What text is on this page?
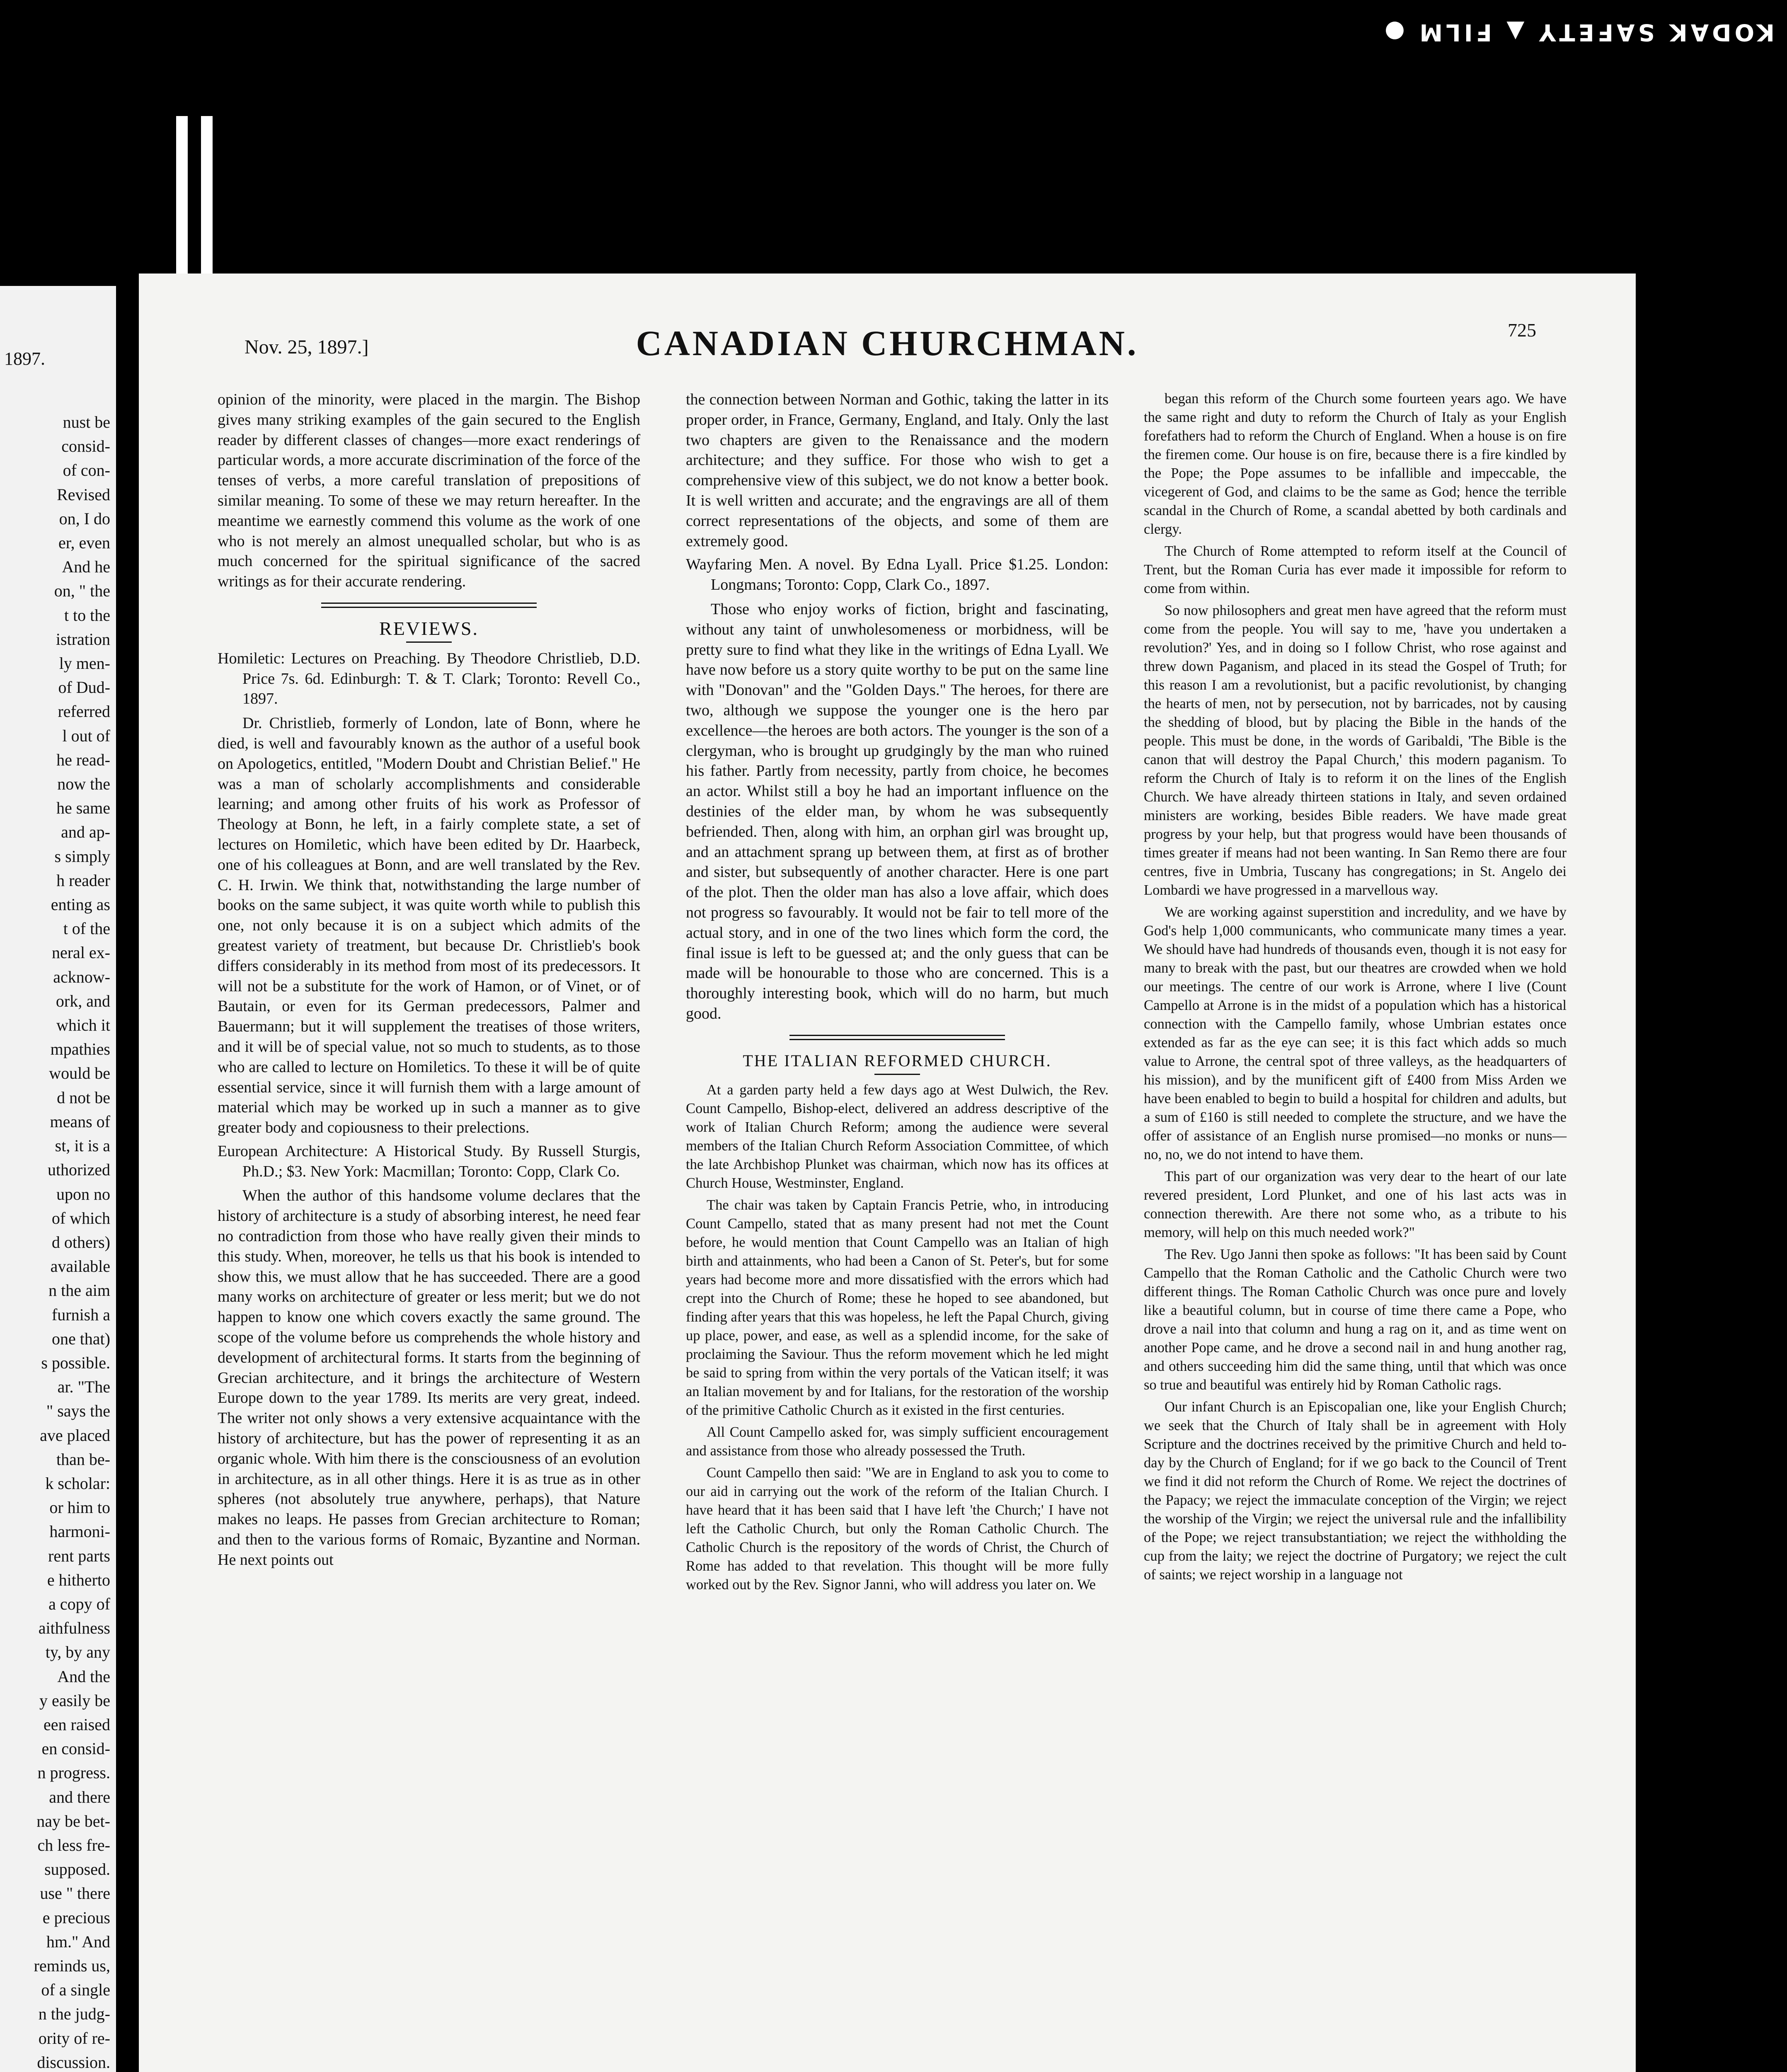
KODAK SAFETY ▲ FILM ●
1897.
nust be
consid-
of con-
Revised
on, I do
er, even
And he
on, " the
t to the
istration
ly men-
of Dud-
referred
l out of
he read-
now the
he same
and ap-
s simply
h reader
enting as
t of the
neral ex-
acknow-
ork, and
which it
mpathies
would be
d not be
means of
st, it is a
uthorized
upon no
of which
d others)
available
n the aim
furnish a
one that)
s possible.
ar. "The
" says the
ave placed
than be-
k scholar:
or him to
harmoni-
rent parts
e hitherto
a copy of
aithfulness
ty, by any
And the
y easily be
een raised
en consid-
n progress.
and there
nay be bet-
ch less fre-
supposed.
use " there
e precious
hm." And
reminds us,
of a single
n the judg-
ority of re-
discussion.
Nov. 25, 1897.]	CANADIAN CHURCHMAN.	725

opinion of the minority, were placed in the margin. The Bishop gives many striking examples of the gain secured to the English reader by different classes of changes—more exact renderings of particular words, a more accurate discrimination of the force of the tenses of verbs, a more careful translation of prepositions of similar meaning. To some of these we may return hereafter. In the meantime we earnestly commend this volume as the work of one who is not merely an almost unequalled scholar, but who is as much concerned for the spiritual significance of the sacred writings as for their accurate rendering.

REVIEWS.
Homiletic: Lectures on Preaching. By Theodore Christlieb, D.D. Price 7s. 6d. Edinburgh: T. & T. Clark; Toronto: Revell Co., 1897.

Dr. Christlieb, formerly of London, late of Bonn, where he died, is well and favourably known as the author of a useful book on Apologetics, entitled, "Modern Doubt and Christian Belief." He was a man of scholarly accomplishments and considerable learning; and among other fruits of his work as Professor of Theology at Bonn, he left, in a fairly complete state, a set of lectures on Homiletic, which have been edited by Dr. Haarbeck, one of his colleagues at Bonn, and are well translated by the Rev. C. H. Irwin. We think that, notwithstanding the large number of books on the same subject, it was quite worth while to publish this one, not only because it is on a subject which admits of the greatest variety of treatment, but because Dr. Christlieb's book differs considerably in its method from most of its predecessors. It will not be a substitute for the work of Hamon, or of Vinet, or of Bautain, or even for its German predecessors, Palmer and Bauermann; but it will supplement the treatises of those writers, and it will be of special value, not so much to students, as to those who are called to lecture on Homiletics. To these it will be of quite essential service, since it will furnish them with a large amount of material which may be worked up in such a manner as to give greater body and copiousness to their prelections.

European Architecture: A Historical Study. By Russell Sturgis, Ph.D.; $3. New York: Macmillan; Toronto: Copp, Clark Co.

When the author of this handsome volume declares that the history of architecture is a study of absorbing interest, he need fear no contradiction from those who have really given their minds to this study. When, moreover, he tells us that his book is intended to show this, we must allow that he has succeeded. There are a good many works on architecture of greater or less merit; but we do not happen to know one which covers exactly the same ground. The scope of the volume before us comprehends the whole history and development of architectural forms. It starts from the beginning of Grecian architecture, and it brings the architecture of Western Europe down to the year 1789. Its merits are very great, indeed. The writer not only shows a very extensive acquaintance with the history of architecture, but has the power of representing it as an organic whole. With him there is the consciousness of an evolution in architecture, as in all other things. Here it is as true as in other spheres (not absolutely true anywhere, perhaps), that Nature makes no leaps. He passes from Grecian architecture to Roman; and then to the various forms of Romaic, Byzantine and Norman. He next points out

the connection between Norman and Gothic, taking the latter in its proper order, in France, Germany, England, and Italy. Only the last two chapters are given to the Renaissance and the modern architecture; and they suffice. For those who wish to get a comprehensive view of this subject, we do not know a better book. It is well written and accurate; and the engravings are all of them correct representations of the objects, and some of them are extremely good.

Wayfaring Men. A novel. By Edna Lyall. Price $1.25. London: Longmans; Toronto: Copp, Clark Co., 1897.

Those who enjoy works of fiction, bright and fascinating, without any taint of unwholesomeness or morbidness, will be pretty sure to find what they like in the writings of Edna Lyall. We have now before us a story quite worthy to be put on the same line with "Donovan" and the "Golden Days." The heroes, for there are two, although we suppose the younger one is the hero par excellence—the heroes are both actors. The younger is the son of a clergyman, who is brought up grudgingly by the man who ruined his father. Partly from necessity, partly from choice, he becomes an actor. Whilst still a boy he had an important influence on the destinies of the elder man, by whom he was subsequently befriended. Then, along with him, an orphan girl was brought up, and an attachment sprang up between them, at first as of brother and sister, but subsequently of another character. Here is one part of the plot. Then the older man has also a love affair, which does not progress so favourably. It would not be fair to tell more of the actual story, and in one of the two lines which form the cord, the final issue is left to be guessed at; and the only guess that can be made will be honourable to those who are concerned. This is a thoroughly interesting book, which will do no harm, but much good.

THE ITALIAN REFORMED CHURCH.

At a garden party held a few days ago at West Dulwich, the Rev. Count Campello, Bishop-elect, delivered an address descriptive of the work of Italian Church Reform; among the audience were several members of the Italian Church Reform Association Committee, of which the late Archbishop Plunket was chairman, which now has its offices at Church House, Westminster, England.

The chair was taken by Captain Francis Petrie, who, in introducing Count Campello, stated that as many present had not met the Count before, he would mention that Count Campello was an Italian of high birth and attainments, who had been a Canon of St. Peter's, but for some years had become more and more dissatisfied with the errors which had crept into the Church of Rome; these he hoped to see abandoned, but finding after years that this was hopeless, he left the Papal Church, giving up place, power, and ease, as well as a splendid income, for the sake of proclaiming the Saviour. Thus the reform movement which he led might be said to spring from within the very portals of the Vatican itself; it was an Italian movement by and for Italians, for the restoration of the worship of the primitive Catholic Church as it existed in the first centuries.

All Count Campello asked for, was simply sufficient encouragement and assistance from those who already possessed the Truth.

Count Campello then said: "We are in England to ask you to come to our aid in carrying out the work of the reform of the Italian Church. I have heard that it has been said that I have left 'the Church;' I have not left the Catholic Church, but only the Roman Catholic Church. The Catholic Church is the repository of the words of Christ, the Church of Rome has added to that revelation. This thought will be more fully worked out by the Rev. Signor Janni, who will address you later on. We

began this reform of the Church some fourteen years ago. We have the same right and duty to reform the Church of Italy as your English forefathers had to reform the Church of England. When a house is on fire the firemen come. Our house is on fire, because there is a fire kindled by the Pope; the Pope assumes to be infallible and impeccable, the vicegerent of God, and claims to be the same as God; hence the terrible scandal in the Church of Rome, a scandal abetted by both cardinals and clergy.

The Church of Rome attempted to reform itself at the Council of Trent, but the Roman Curia has ever made it impossible for reform to come from within.

So now philosophers and great men have agreed that the reform must come from the people. You will say to me, 'have you undertaken a revolution?' Yes, and in doing so I follow Christ, who rose against and threw down Paganism, and placed in its stead the Gospel of Truth; for this reason I am a revolutionist, but a pacific revolutionist, by changing the hearts of men, not by persecution, not by barricades, not by causing the shedding of blood, but by placing the Bible in the hands of the people. This must be done, in the words of Garibaldi, 'The Bible is the canon that will destroy the Papal Church,' this modern paganism. To reform the Church of Italy is to reform it on the lines of the English Church. We have already thirteen stations in Italy, and seven ordained ministers are working, besides Bible readers. We have made great progress by your help, but that progress would have been thousands of times greater if means had not been wanting. In San Remo there are four centres, five in Umbria, Tuscany has congregations; in St. Angelo dei Lombardi we have progressed in a marvellous way.

We are working against superstition and incredulity, and we have by God's help 1,000 communicants, who communicate many times a year. We should have had hundreds of thousands even, though it is not easy for many to break with the past, but our theatres are crowded when we hold our meetings. The centre of our work is Arrone, where I live (Count Campello at Arrone is in the midst of a population which has a historical connection with the Campello family, whose Umbrian estates once extended as far as the eye can see; it is this fact which adds so much value to Arrone, the central spot of three valleys, as the headquarters of his mission), and by the munificent gift of £400 from Miss Arden we have been enabled to begin to build a hospital for children and adults, but a sum of £160 is still needed to complete the structure, and we have the offer of assistance of an English nurse promised—no monks or nuns—no, no, we do not intend to have them.

This part of our organization was very dear to the heart of our late revered president, Lord Plunket, and one of his last acts was in connection therewith. Are there not some who, as a tribute to his memory, will help on this much needed work?"

The Rev. Ugo Janni then spoke as follows: "It has been said by Count Campello that the Roman Catholic and the Catholic Church were two different things. The Roman Catholic Church was once pure and lovely like a beautiful column, but in course of time there came a Pope, who drove a nail into that column and hung a rag on it, and as time went on another Pope came, and he drove a second nail in and hung another rag, and others succeeding him did the same thing, until that which was once so true and beautiful was entirely hid by Roman Catholic rags.

Our infant Church is an Episcopalian one, like your English Church; we seek that the Church of Italy shall be in agreement with Holy Scripture and the doctrines received by the primitive Church and held to-day by the Church of England; for if we go back to the Council of Trent we find it did not reform the Church of Rome. We reject the doctrines of the Papacy; we reject the immaculate conception of the Virgin; we reject the worship of the Virgin; we reject the universal rule and the infallibility of the Pope; we reject transubstantiation; we reject the withholding the cup from the laity; we reject the doctrine of Purgatory; we reject the cult of saints; we reject worship in a language not
